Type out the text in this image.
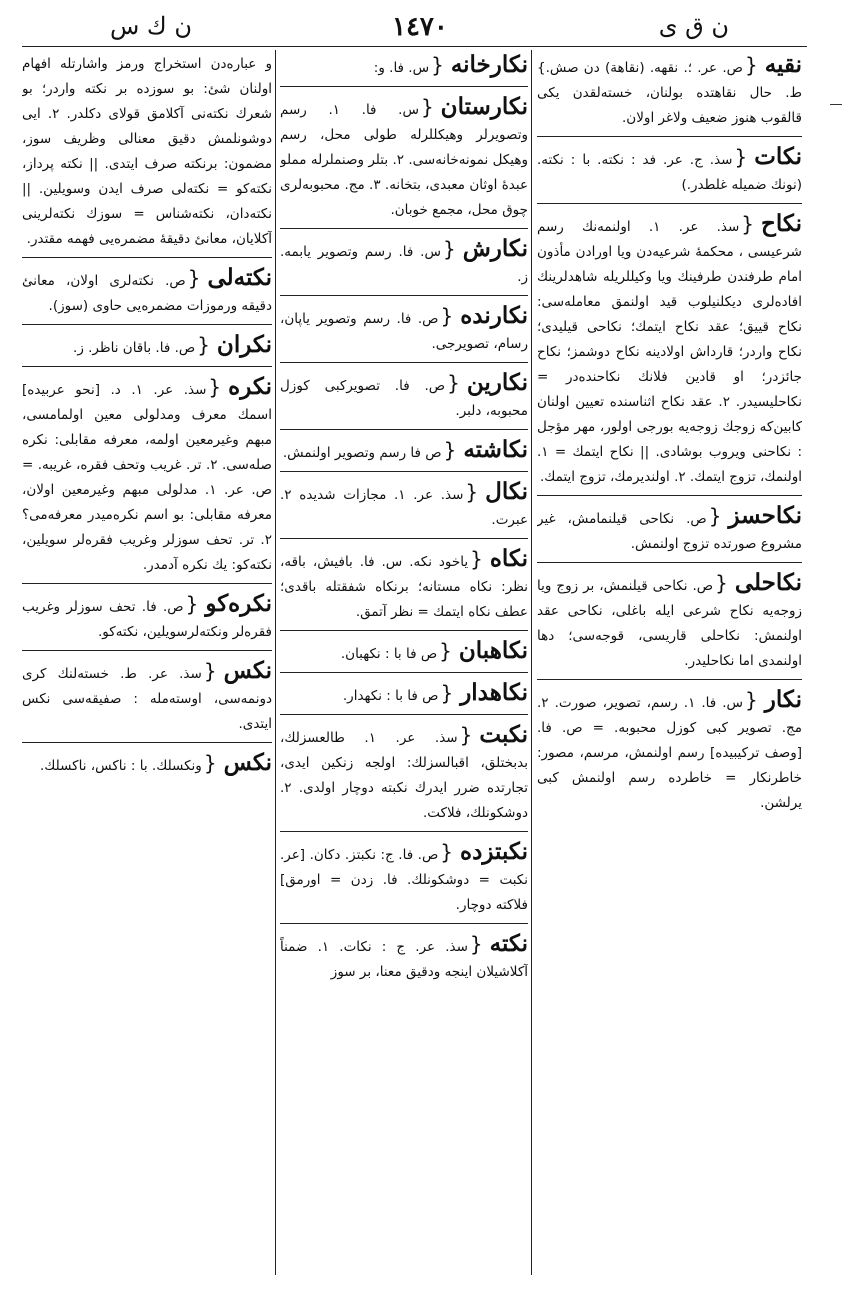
ن ك س	١٤٧٠	ن ق ى
نقيه{ص. عر. ؛. نقهه. (نقاهة) دن صش.} ط. حال نقاهتده بولنان، خسته‌لقدن يكى قالقوب هنوز ضعيف ولاغر اولان.
نكات{سذ. ج. عر. فد : نكته. با : نكته. (نونك ضميله غلطدر.)
نكاح{سذ. عر. ١. اولنمه‌نك رسم شرعيسى ، محكمهٔ شرعيه‌دن ويا اورادن مأذون امام طرفندن طرفينك ويا وكيللريله شاهدلرينك افاده‌لرى ديكلنيلوب قيد اولنمق معامله‌سى: نكاح قييق؛ عقد نكاح ايتمك؛ نكاحى قيليدى؛ نكاح واردر؛ قارداش اولادينه نكاح دوشمز؛ نكاح جائزدر؛ او قادين فلانك نكاحنده‌در = نكاحليسيدر. ٢. عقد نكاح اثناسنده تعيين اولنان كابين‌كه زوجك زوجه‌يه بورجى اولور، مهر مؤجل : نكاحنى ويروب بوشادى. || نكاح ايتمك = ١. اولنمك، تزوج ايتمك. ٢. اولنديرمك، تزوج ايتمك.
نكاحسز{ص. نكاحى قيلنمامش، غير مشروع صورتده تزوج اولنمش.
نكاحلى{ص. نكاحى قيلنمش، بر زوج ويا زوجه‌يه نكاح شرعى ايله باغلى، نكاحى عقد اولنمش: نكاحلى قاريسى، قوجه‌سى؛ دها اولنمدى اما نكاحليدر.
نكار{س. فا. ١. رسم، تصوير، صورت. ٢. مج. تصوير كبى كوزل محبوبه. = ص. فا. [وصف تركيبيده] رسم اولنمش، مرسم، مصور: خاطرنكار = خاطرده رسم اولنمش كبى يرلشن.
نكارخانه{س. فا. و:
نكارستان{س. فا. ١. رسم وتصويرلر وهيكللرله طولى محل، رسم وهيكل نمونه‌خانه‌سى. ٢. بتلر وصنملرله مملو عبدهٔ اوثان معبدى، بتخانه. ٣. مج. محبوبه‌لرى چوق محل، مجمع خوبان.
نكارش{س. فا. رسم وتصوير يابمه. ز.
نكارنده{ص. فا. رسم وتصوير ياپان، رسام، تصويرجى.
نكارين{ص. فا. تصويركبى كوزل محبوبه، دلبر.
نكاشته{ص فا رسم وتصوير اولنمش.
نكال{سذ. عر. ١. مجازات شديده ٢. عبرت.
نكاه{ياخود نكه. س. فا. بافيش، باقه، نظر: نكاه مستانه؛ برنكاه شفقتله باقدى؛ عطف نكاه ايتمك = نظر آتمق.
نكاهبان{ص فا با : نكهبان.
نكاهدار{ص فا با : نكهدار.
نكبت{سذ. عر. ١. طالعسزلك، بدبختلق، اقبالسزلك: اولجه زنكين ايدى، تجارتده ضرر ايدرك نكبته دوچار اولدى. ٢. دوشكونلك، فلاكت.
نكبتزده{ص. فا. ج: نكبتز. دكان. [عر. نكبت = دوشكونلك. فا. زدن = اورمق] فلاكته دوچار.
نكته{سذ. عر. ج : نكات. ١. ضمناً آكلاشيلان اينجه ودقيق معنا، بر سوز
و عباره‌دن استخراج ورمز واشارتله افهام اولنان شئ: بو سوزده بر نكته واردر؛ بو شعرك نكته‌نى آكلامق قولاى دكلدر. ٢. ايى دوشونلمش دقيق معنالى وظريف سوز، مضمون: برنكته صرف ايتدى. || نكته پرداز، نكته‌كو = نكته‌لى صرف ايدن وسويلين. || نكته‌دان، نكته‌شناس = سوزك نكته‌لرينى آكلايان، معانئ دقيقهٔ مضمره‌يى فهمه مقتدر.
نكته‌لى{ص. نكته‌لرى اولان، معانئ دقيقه ورموزات مضمره‌يى حاوى (سوز).
نكران{ص. فا. باقان ناظر. ز.
نكره{سذ. عر. ١. د. [نحو عربيده] اسمك معرف ومدلولى معين اولمامسى، مبهم وغيرمعين اولمه، معرفه مقابلى: نكره صله‌سى. ٢. تر. غريب وتحف فقره، غريبه. = ص. عر. ١. مدلولى مبهم وغيرمعين اولان، معرفه مقابلى: بو اسم نكره‌ميدر معرفه‌مى؟ ٢. تر. تحف سوزلر وغريب فقره‌لر سويلين، نكته‌كو: يك نكره آدمدر.
نكره‌كو{ص. فا. تحف سوزلر وغريب فقره‌لر ونكته‌لرسويلين، نكته‌كو.
نكس{سذ. عر. ط. خسته‌لنك كرى دونمه‌سى، اوسته‌مله : صفيقه‌سى نكس ايتدى.
نكس{ونكسلك. با : ناكس، ناكسلك.
